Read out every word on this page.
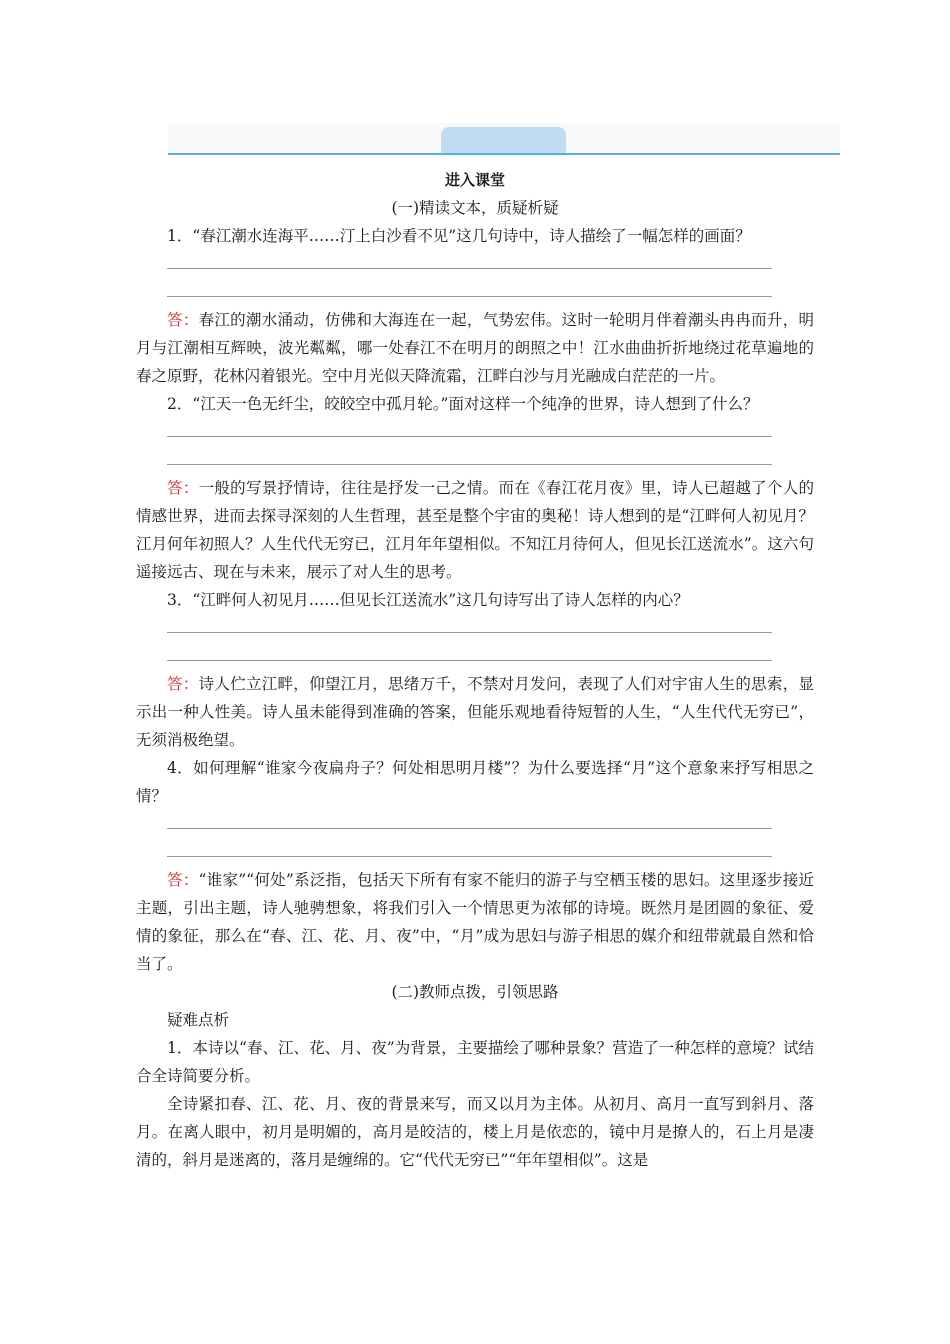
进入课堂

(一)精读文本，质疑析疑

1．“春江潮水连海平……汀上白沙看不见”这几句诗中，诗人描绘了一幅怎样的画面？

答：春江的潮水涌动，仿佛和大海连在一起，气势宏伟。这时一轮明月伴着潮头冉冉而升，明月与江潮相互辉映，波光粼粼，哪一处春江不在明月的朗照之中！江水曲曲折折地绕过花草遍地的春之原野，花林闪着银光。空中月光似天降流霜，江畔白沙与月光融成白茫茫的一片。

2．“江天一色无纤尘，皎皎空中孤月轮。”面对这样一个纯净的世界，诗人想到了什么？

答：一般的写景抒情诗，往往是抒发一己之情。而在《春江花月夜》里，诗人已超越了个人的情感世界，进而去探寻深刻的人生哲理，甚至是整个宇宙的奥秘！诗人想到的是“江畔何人初见月？江月何年初照人？人生代代无穷已，江月年年望相似。不知江月待何人，但见长江送流水”。这六句遥接远古、现在与未来，展示了对人生的思考。

3．“江畔何人初见月……但见长江送流水”这几句诗写出了诗人怎样的内心？

答：诗人伫立江畔，仰望江月，思绪万千，不禁对月发问，表现了人们对宇宙人生的思索，显示出一种人性美。诗人虽未能得到准确的答案，但能乐观地看待短暂的人生，“人生代代无穷已”，无须消极绝望。

4．如何理解“谁家今夜扁舟子？何处相思明月楼”？为什么要选择“月”这个意象来抒写相思之情？

答：“谁家”“何处”系泛指，包括天下所有有家不能归的游子与空栖玉楼的思妇。这里逐步接近主题，引出主题，诗人驰骋想象，将我们引入一个情思更为浓郁的诗境。既然月是团圆的象征、爱情的象征，那么在“春、江、花、月、夜”中，“月”成为思妇与游子相思的媒介和纽带就最自然和恰当了。

(二)教师点拨，引领思路

疑难点析

1．本诗以“春、江、花、月、夜”为背景，主要描绘了哪种景象？营造了一种怎样的意境？试结合全诗简要分析。

全诗紧扣春、江、花、月、夜的背景来写，而又以月为主体。从初月、高月一直写到斜月、落月。在离人眼中，初月是明媚的，高月是皎洁的，楼上月是依恋的，镜中月是撩人的，石上月是凄清的，斜月是迷离的，落月是缠绵的。它“代代无穷已”“年年望相似”。这是
